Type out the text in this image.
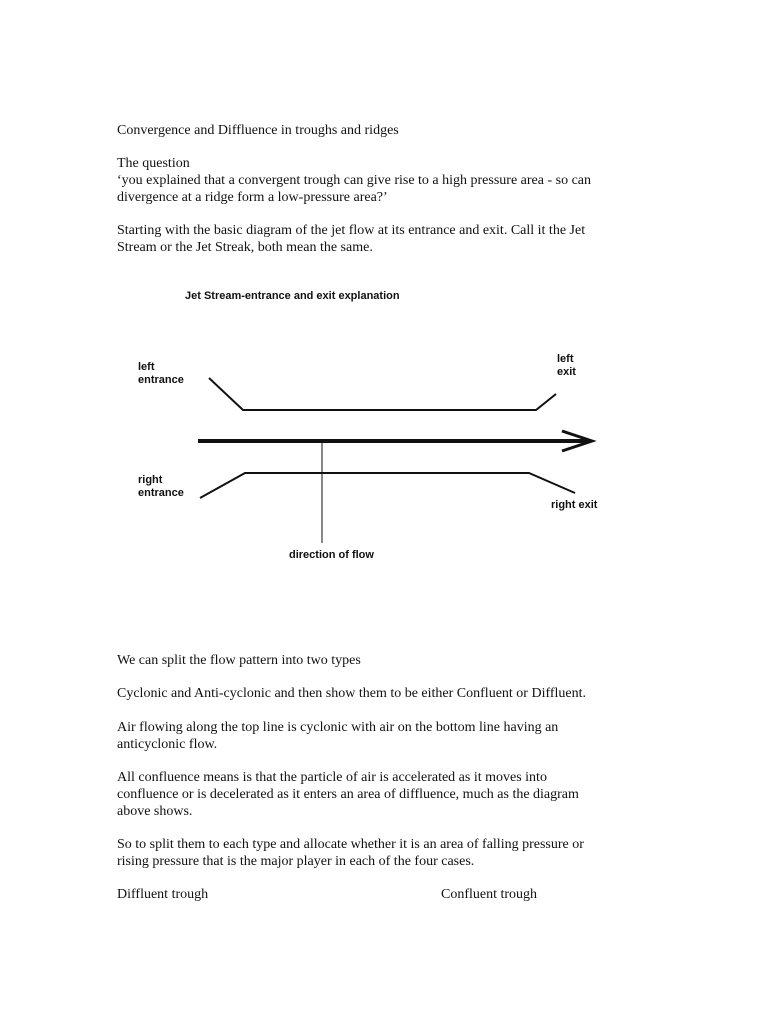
Convergence and Diffluence in troughs and ridges

The question

‘you explained that a convergent trough can give rise to a high pressure area - so can

divergence at a ridge form a low-pressure area?’

Starting with the basic diagram of the jet flow at its entrance and exit. Call it the Jet

Stream or the Jet Streak, both mean the same.

Jet Stream-entrance and exit explanation
left
entrance
left
exit
right
entrance
right exit
direction of flow

We can split the flow pattern into two types

Cyclonic and Anti-cyclonic and then show them to be either Confluent or Diffluent.

Air flowing along the top line is cyclonic with air on the bottom line having an

anticyclonic flow.

All confluence means is that the particle of air is accelerated as it moves into

confluence or is decelerated as it enters an area of diffluence, much as the diagram

above shows.

So to split them to each type and allocate whether it is an area of falling pressure or

rising pressure that is the major player in each of the four cases.

Diffluent trough	Confluent trough
